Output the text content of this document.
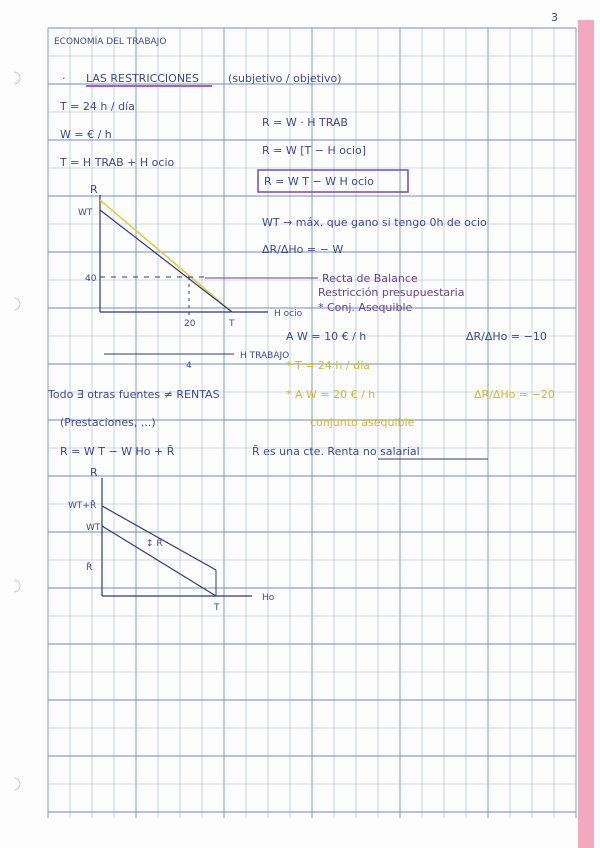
ECONOMÍA DEL TRABAJO
3
· LAS RESTRICCIONES	(subjetivo / objetivo)
T = 24 h / día
W = € / h
T = H TRAB + H ocio
R = W · H TRAB
R = W [T − H ocio]
R = W T − W H ocio
R
WT
40
20	T
H ocio
4
H TRABAJO
WT → máx. que gano si tengo 0h de ocio
ΔR/ΔHo = − W
Recta de Balance
Restricción presupuestaria
* Conj. Asequible
A W = 10 € / h	ΔR/ΔHo = −10
* T = 24 h / día
* A W = 20 € / h	ΔR/ΔHo = −20
conjunto asequible
Todo ∃ otras fuentes ≠ RENTAS
(Prestaciones, ...)
R = W T − W Ho + R̄	R̄ es una cte. Renta no salarial
R
WT+R̄
WT
R̄
↕ R̄
T
Ho
